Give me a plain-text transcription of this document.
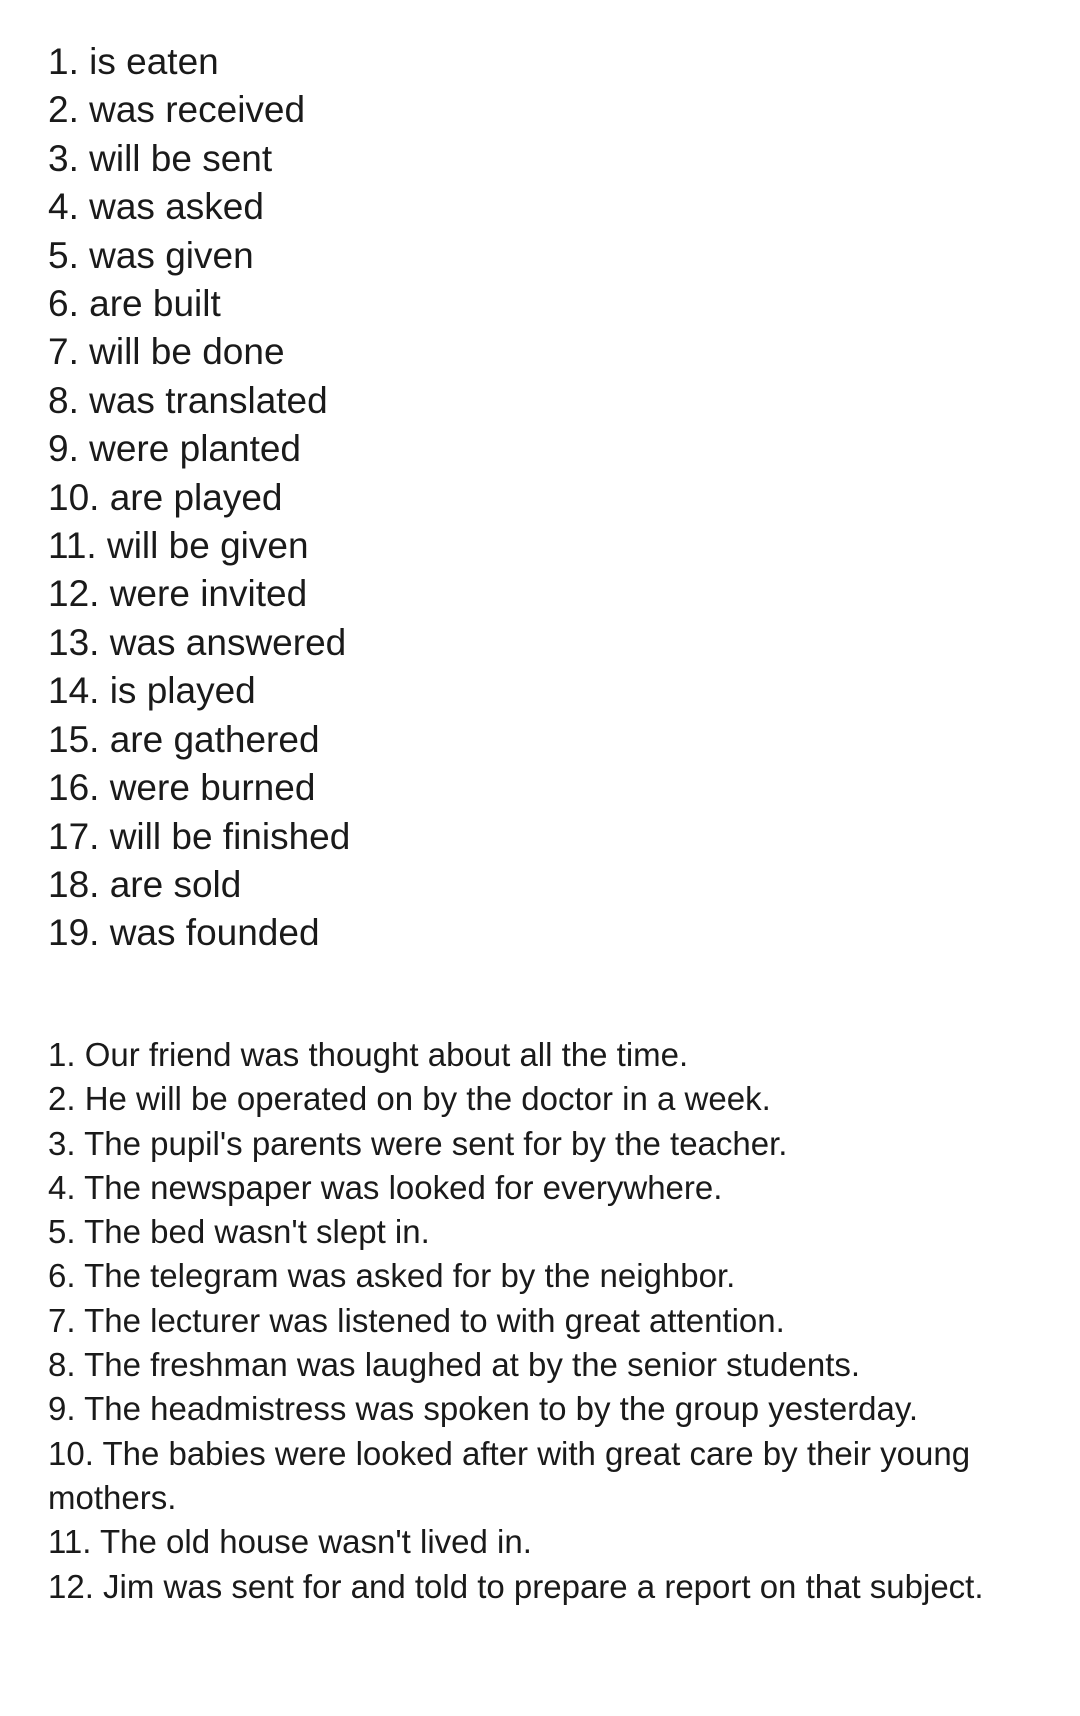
1. is eaten
2. was received
3. will be sent
4. was asked
5. was given
6. are built
7. will be done
8. was translated
9. were planted
10. are played
11. will be given
12. were invited
13. was answered
14. is played
15. are gathered
16. were burned
17. will be finished
18. are sold
19. was founded
1. Our friend was thought about all the time.
2. He will be operated on by the doctor in a week.
3. The pupil's parents were sent for by the teacher.
4. The newspaper was looked for everywhere.
5. The bed wasn't slept in.
6. The telegram was asked for by the neighbor.
7. The lecturer was listened to with great attention.
8. The freshman was laughed at by the senior students.
9. The headmistress was spoken to by the group yesterday.
10. The babies were looked after with great care by their young mothers.
11. The old house wasn't lived in.
12. Jim was sent for and told to prepare a report on that subject.
